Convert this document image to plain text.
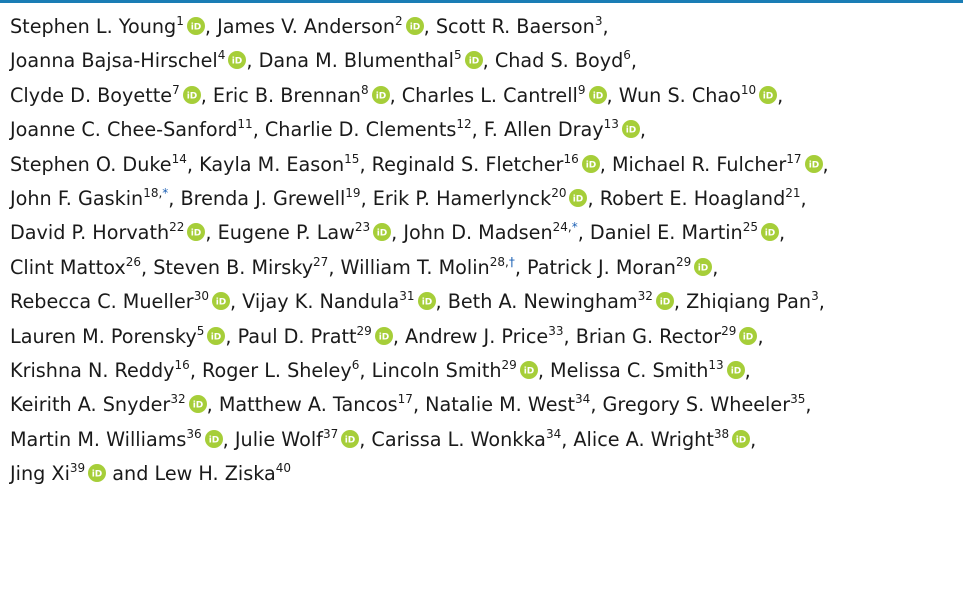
Stephen L. Young$^1$ iD , James V. Anderson$^2$ iD , Scott R. Baerson$^3$,
Joanna Bajsa-Hirschel$^4$ iD , Dana M. Blumenthal$^5$ iD , Chad S. Boyd$^6$,
Clyde D. Boyette$^7$ iD , Eric B. Brennan$^8$ iD , Charles L. Cantrell$^9$ iD , Wun S. Chao$^{10}$ iD ,
Joanne C. Chee-Sanford$^{11}$, Charlie D. Clements$^{12}$, F. Allen Dray$^{13}$ iD ,
Stephen O. Duke$^{14}$, Kayla M. Eason$^{15}$, Reginald S. Fletcher$^{16}$ iD , Michael R. Fulcher$^{17}$ iD ,
John F. Gaskin$^{18,*}$, Brenda J. Grewell$^{19}$, Erik P. Hamerlynck$^{20}$ iD , Robert E. Hoagland$^{21}$,
David P. Horvath$^{22}$ iD , Eugene P. Law$^{23}$ iD , John D. Madsen$^{24,*}$, Daniel E. Martin$^{25}$ iD ,
Clint Mattox$^{26}$, Steven B. Mirsky$^{27}$, William T. Molin$^{28,\dagger}$, Patrick J. Moran$^{29}$ iD ,
Rebecca C. Mueller$^{30}$ iD , Vijay K. Nandula$^{31}$ iD , Beth A. Newingham$^{32}$ iD , Zhiqiang Pan$^3$,
Lauren M. Porensky$^5$ iD , Paul D. Pratt$^{29}$ iD , Andrew J. Price$^{33}$, Brian G. Rector$^{29}$ iD ,
Krishna N. Reddy$^{16}$, Roger L. Sheley$^6$, Lincoln Smith$^{29}$ iD , Melissa C. Smith$^{13}$ iD ,
Keirith A. Snyder$^{32}$ iD , Matthew A. Tancos$^{17}$, Natalie M. West$^{34}$, Gregory S. Wheeler$^{35}$,
Martin M. Williams$^{36}$ iD , Julie Wolf$^{37}$ iD , Carissa L. Wonkka$^{34}$, Alice A. Wright$^{38}$ iD ,
Jing Xi$^{39}$ iD and Lew H. Ziska$^{40}$
